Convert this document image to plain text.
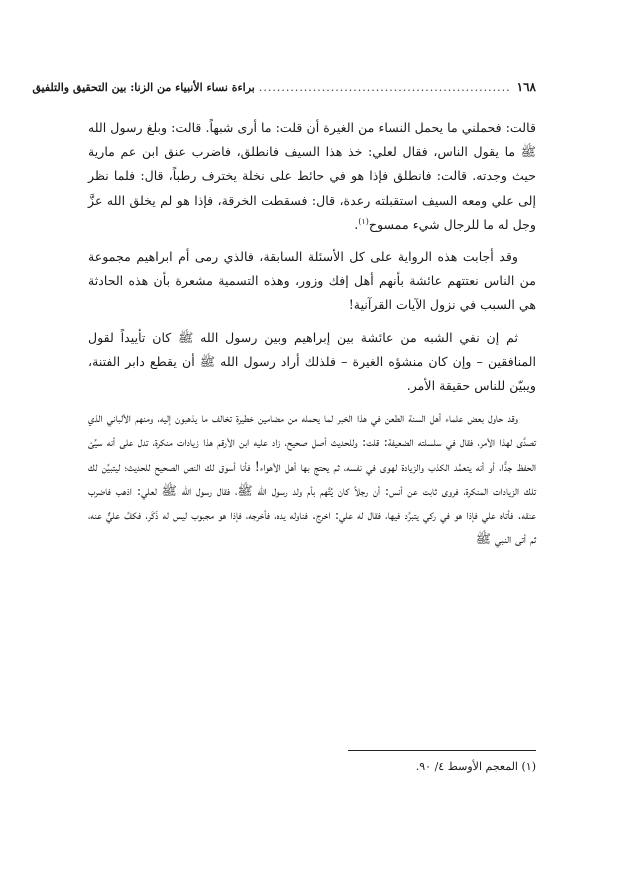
١٦٨
........................................................
براءة نساء الأنبياء من الزنا: بين التحقيق والتلفيق

قالت: فحملني ما يحمل النساء من الغيرة أن قلت: ما أرى شبهاً. قالت: وبلغ رسول الله ﷺ ما يقول الناس، فقال لعلي: خذ هذا السيف فانطلق، فاضرب عنق ابن عم مارية حيث وجدته. قالت: فانطلق فإذا هو في حائط على نخلة يخترف رطباً، قال: فلما نظر إلى علي ومعه السيف استقبلته رعدة، قال: فسقطت الخرقة، فإذا هو لم يخلق الله عزَّ وجل له ما للرجال شيء ممسوح$^{(١)}$.

وقد أجابت هذه الرواية على كل الأسئلة السابقة، فالذي رمى أم ابراهيم مجموعة من الناس نعتتهم عائشة بأنهم أهل إفك وزور، وهذه التسمية مشعرة بأن هذه الحادثة هي السبب في نزول الآيات القرآنية!

ثم إن نفي الشبه من عائشة بين إبراهيم وبين رسول الله ﷺ كان تأييداً لقول المنافقين – وإن كان منشؤه الغيرة – فلذلك أراد رسول الله ﷺ أن يقطع دابر الفتنة، ويبيّن للناس حقيقة الأمر.

وقد حاول بعض علماء أهل السنة الطعن في هذا الخبر لما يحمله من مضامين خطيرة تخالف ما يذهبون إليه، ومنهم الألباني الذي تصدَّى لهذا الأمر، فقال في سلسلته الضعيفة: قلت: وللحديث أصل صحيح، زاد عليه ابن الأرقم هذا زيادات منكرة، تدل على أنه سيِّئ الحفظ جدًّا، أو أنه يتعمَّد الكذب والزيادة لهوى في نفسه، ثم يحتج بها أهل الأهواء! فأنا أسوق لك النص الصحيح للحديث؛ ليتبيَّن لك تلك الزيادات المنكرة، فروى ثابت عن أنس: أن رجلاً كان يُتَّهم بأم ولد رسول الله ﷺ، فقال رسول الله ﷺ لعلي: اذهب فاضرب عنقه. فأتاه علي فإذا هو في ركي يتبرَّد فيها، فقال له علي: اخرج. فناوله يده، فأخرجه، فإذا هو مجبوب ليس له ذَكَر، فكفَّ عليٌّ عنه، ثم أتى النبي ﷺ

(١) المعجم الأوسط ٤/ ٩٠.
